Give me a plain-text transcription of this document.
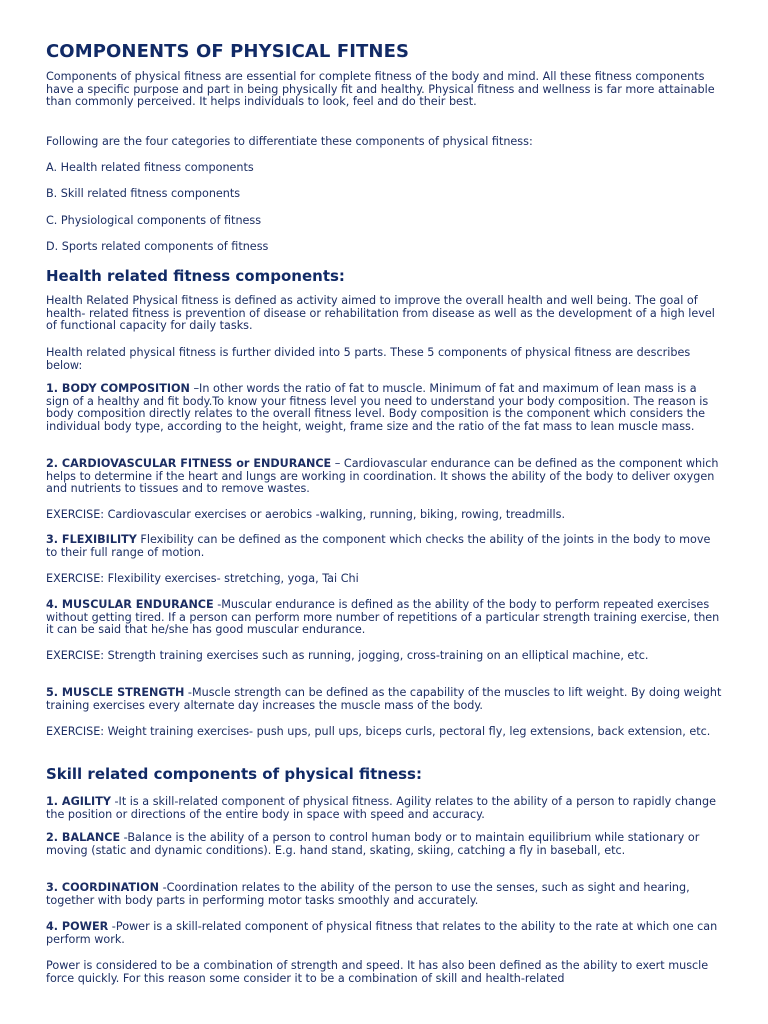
COMPONENTS OF PHYSICAL FITNES

Components of physical fitness are essential for complete fitness of the body and mind. All these fitness components have a specific purpose and part in being physically fit and healthy. Physical fitness and wellness is far more attainable than commonly perceived. It helps individuals to look, feel and do their best.

Following are the four categories to differentiate these components of physical fitness:

A. Health related fitness components

B. Skill related fitness components

C. Physiological components of fitness

D. Sports related components of fitness

Health related fitness components:

Health Related Physical fitness is defined as activity aimed to improve the overall health and well being. The goal of health- related fitness is prevention of disease or rehabilitation from disease as well as the development of a high level of functional capacity for daily tasks.

Health related physical fitness is further divided into 5 parts. These 5 components of physical fitness are describes below:

1. BODY COMPOSITION –In other words the ratio of fat to muscle. Minimum of fat and maximum of lean mass is a sign of a healthy and fit body.To know your fitness level you need to understand your body composition. The reason is body composition directly relates to the overall fitness level. Body composition is the component which considers the individual body type, according to the height, weight, frame size and the ratio of the fat mass to lean muscle mass.

2. CARDIOVASCULAR FITNESS or ENDURANCE – Cardiovascular endurance can be defined as the component which helps to determine if the heart and lungs are working in coordination. It shows the ability of the body to deliver oxygen and nutrients to tissues and to remove wastes.

EXERCISE: Cardiovascular exercises or aerobics -walking, running, biking, rowing, treadmills.

3. FLEXIBILITY Flexibility can be defined as the component which checks the ability of the joints in the body to move to their full range of motion.

EXERCISE: Flexibility exercises- stretching, yoga, Tai Chi

4. MUSCULAR ENDURANCE -Muscular endurance is defined as the ability of the body to perform repeated exercises without getting tired. If a person can perform more number of repetitions of a particular strength training exercise, then it can be said that he/she has good muscular endurance.

EXERCISE: Strength training exercises such as running, jogging, cross-training on an elliptical machine, etc.

5. MUSCLE STRENGTH -Muscle strength can be defined as the capability of the muscles to lift weight. By doing weight training exercises every alternate day increases the muscle mass of the body.

EXERCISE: Weight training exercises- push ups, pull ups, biceps curls, pectoral fly, leg extensions, back extension, etc.

Skill related components of physical fitness:

1. AGILITY -It is a skill-related component of physical fitness. Agility relates to the ability of a person to rapidly change the position or directions of the entire body in space with speed and accuracy.

2. BALANCE -Balance is the ability of a person to control human body or to maintain equilibrium while stationary or moving (static and dynamic conditions). E.g. hand stand, skating, skiing, catching a fly in baseball, etc.

3. COORDINATION -Coordination relates to the ability of the person to use the senses, such as sight and hearing, together with body parts in performing motor tasks smoothly and accurately.

4. POWER -Power is a skill-related component of physical fitness that relates to the ability to the rate at which one can perform work.

Power is considered to be a combination of strength and speed. It has also been defined as the ability to exert muscle force quickly. For this reason some consider it to be a combination of skill and health-related
